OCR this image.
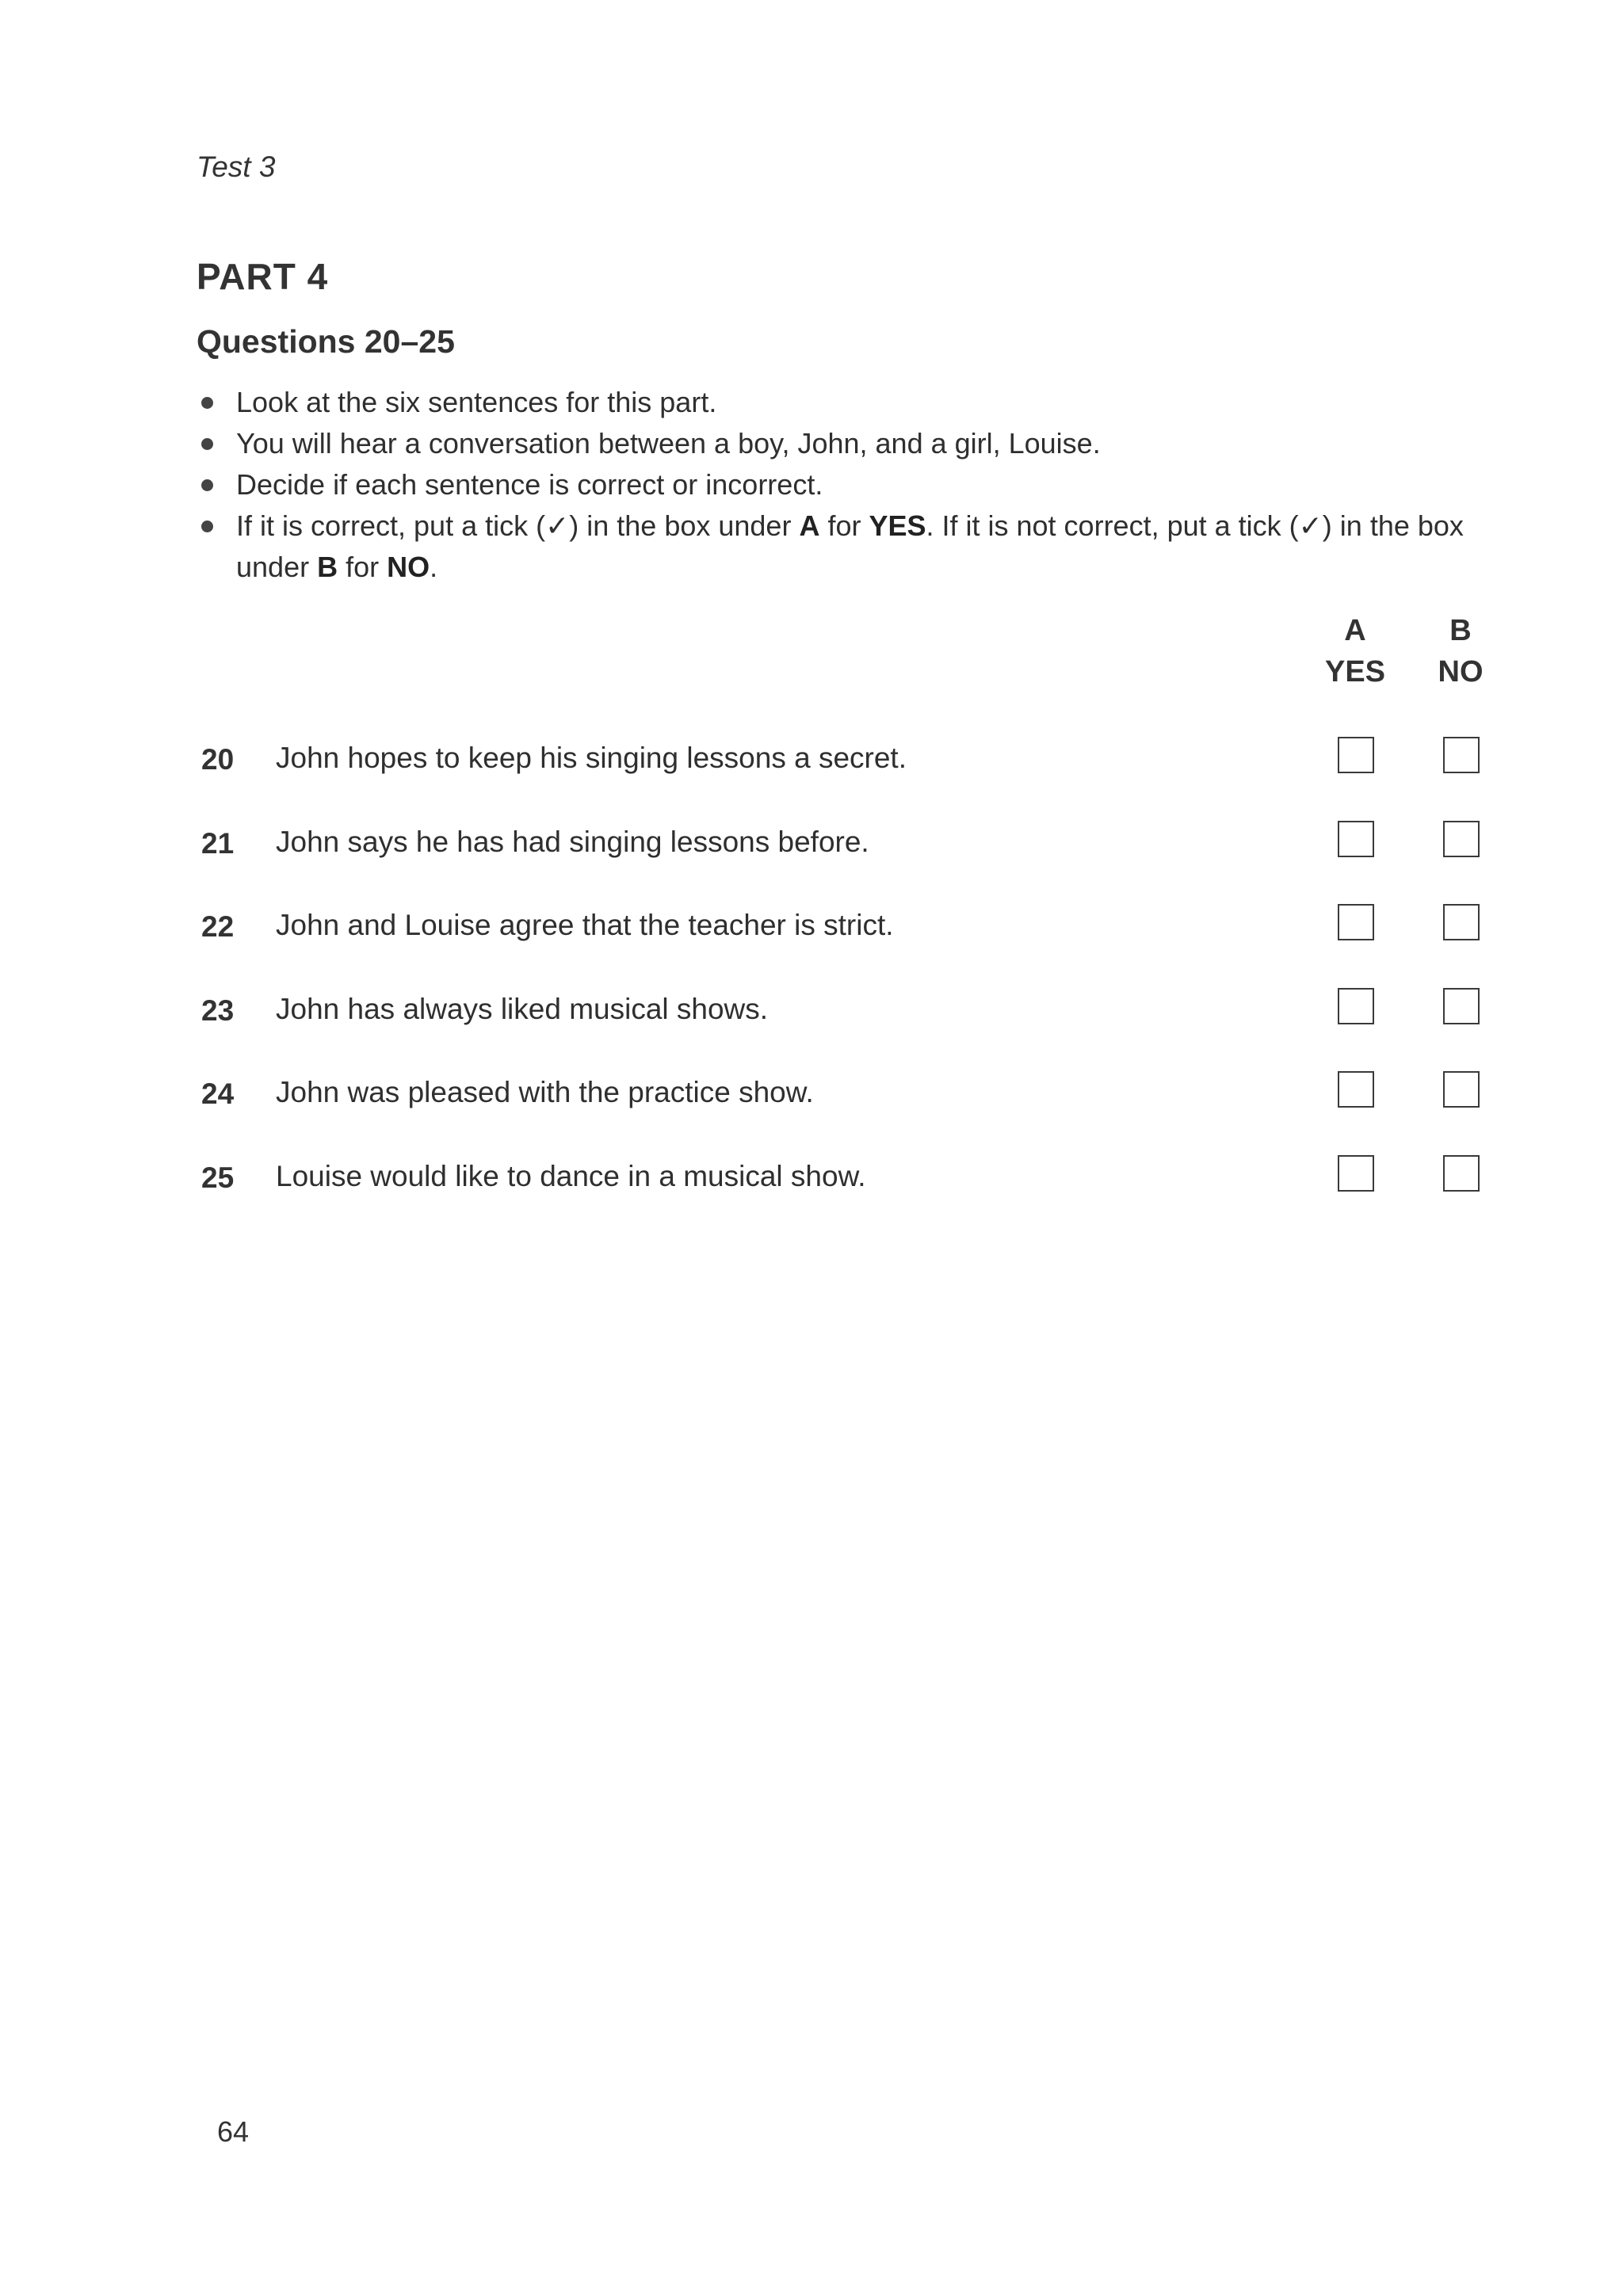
Test 3
PART 4
Questions 20–25
Look at the six sentences for this part.
You will hear a conversation between a boy, John, and a girl, Louise.
Decide if each sentence is correct or incorrect.
If it is correct, put a tick (✓) in the box under A for YES. If it is not correct, put a tick (✓) in the box under B for NO.
A
YES
B
NO
20 John hopes to keep his singing lessons a secret.
21 John says he has had singing lessons before.
22 John and Louise agree that the teacher is strict.
23 John has always liked musical shows.
24 John was pleased with the practice show.
25 Louise would like to dance in a musical show.
64
